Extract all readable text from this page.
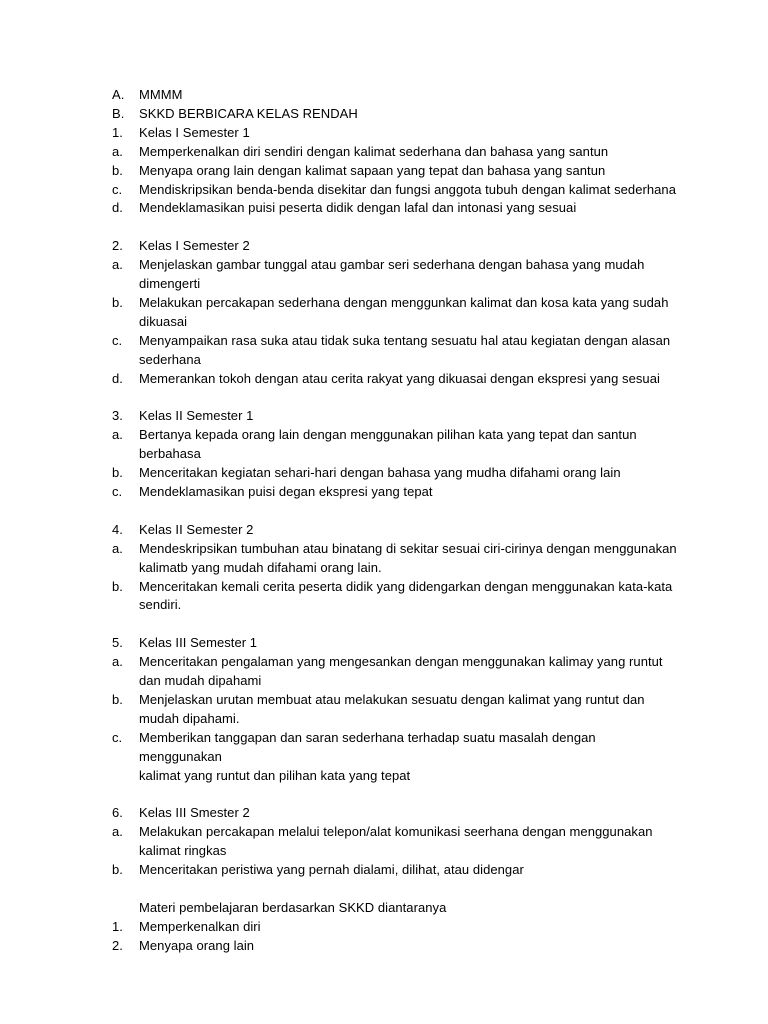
A.	MMMM
B.	SKKD BERBICARA KELAS RENDAH
1.	Kelas I Semester 1
a.	Memperkenalkan diri sendiri dengan kalimat sederhana dan bahasa yang santun
b.	Menyapa orang lain dengan kalimat sapaan yang tepat dan bahasa yang santun
c.	Mendiskripsikan benda-benda disekitar dan fungsi anggota tubuh dengan kalimat sederhana
d.	Mendeklamasikan puisi peserta didik dengan lafal dan intonasi yang sesuai
2.	Kelas I Semester 2
a.	Menjelaskan gambar tunggal atau gambar seri sederhana dengan bahasa yang mudah
dimengerti
b.	Melakukan percakapan sederhana dengan menggunkan kalimat dan kosa kata yang sudah
dikuasai
c.	Menyampaikan rasa suka atau tidak suka tentang sesuatu hal atau kegiatan dengan alasan
sederhana
d.	Memerankan tokoh dengan atau cerita rakyat yang dikuasai dengan ekspresi yang sesuai
3.	Kelas II Semester 1
a.	Bertanya kepada orang lain dengan menggunakan pilihan kata yang tepat dan santun
berbahasa
b.	Menceritakan kegiatan sehari-hari dengan bahasa yang mudha difahami orang lain
c.	Mendeklamasikan puisi degan ekspresi yang tepat
4.	Kelas II Semester 2
a.	Mendeskripsikan tumbuhan atau binatang di sekitar sesuai ciri-cirinya dengan menggunakan
kalimatb yang mudah difahami orang lain.
b.	Menceritakan kemali cerita peserta didik yang didengarkan dengan menggunakan kata-kata
sendiri.
5.	Kelas III Semester 1
a.	Menceritakan pengalaman yang mengesankan dengan menggunakan kalimay yang runtut
dan mudah dipahami
b.	Menjelaskan urutan membuat atau melakukan sesuatu dengan kalimat yang runtut dan
mudah dipahami.
c.	Memberikan tanggapan dan saran sederhana terhadap suatu masalah dengan menggunakan
kalimat yang runtut dan pilihan kata yang tepat
6.	Kelas III Smester 2
a.	Melakukan percakapan melalui telepon/alat komunikasi seerhana dengan menggunakan
kalimat ringkas
b.	Menceritakan peristiwa yang pernah dialami, dilihat, atau didengar
Materi pembelajaran berdasarkan SKKD diantaranya
1.	Memperkenalkan diri
2.	Menyapa orang lain
